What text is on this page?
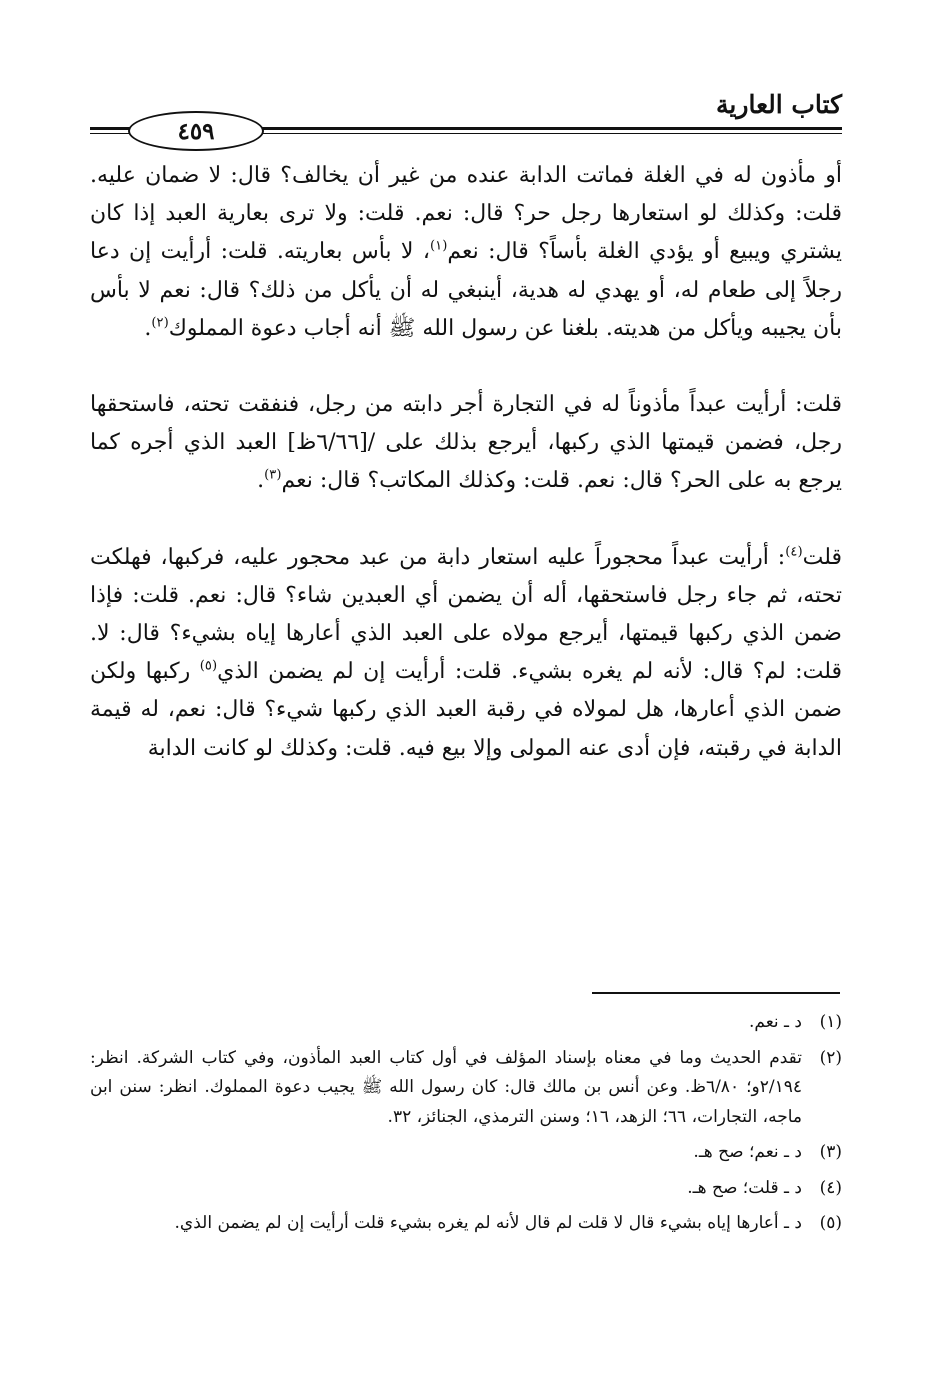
كتاب العارية
٤٥٩

أو مأذون له في الغلة فماتت الدابة عنده من غير أن يخالف؟ قال: لا ضمان عليه. قلت: وكذلك لو استعارها رجل حر؟ قال: نعم. قلت: ولا ترى بعارية العبد إذا كان يشتري ويبيع أو يؤدي الغلة بأساً؟ قال: نعم$^{(١)}$، لا بأس بعاريته. قلت: أرأيت إن دعا رجلاً إلى طعام له، أو يهدي له هدية، أينبغي له أن يأكل من ذلك؟ قال: نعم لا بأس بأن يجيبه ويأكل من هديته. بلغنا عن رسول الله ﷺ أنه أجاب دعوة المملوك$^{(٢)}$.

قلت: أرأيت عبداً مأذوناً له في التجارة أجر دابته من رجل، فنفقت تحته، فاستحقها رجل، فضمن قيمتها الذي ركبها، أيرجع بذلك على /[٦/٦٦ظ] العبد الذي أجره كما يرجع به على الحر؟ قال: نعم. قلت: وكذلك المكاتب؟ قال: نعم$^{(٣)}$.

قلت$^{(٤)}$: أرأيت عبداً محجوراً عليه استعار دابة من عبد محجور عليه، فركبها، فهلكت تحته، ثم جاء رجل فاستحقها، أله أن يضمن أي العبدين شاء؟ قال: نعم. قلت: فإذا ضمن الذي ركبها قيمتها، أيرجع مولاه على العبد الذي أعارها إياه بشيء؟ قال: لا. قلت: لم؟ قال: لأنه لم يغره بشيء. قلت: أرأيت إن لم يضمن الذي$^{(٥)}$ ركبها ولكن ضمن الذي أعارها، هل لمولاه في رقبة العبد الذي ركبها شيء؟ قال: نعم، له قيمة الدابة في رقبته، فإن أدى عنه المولى وإلا بيع فيه. قلت: وكذلك لو كانت الدابة

(١)
د ـ نعم.
(٢)
تقدم الحديث وما في معناه بإسناد المؤلف في أول كتاب العبد المأذون، وفي كتاب الشركة. انظر: ٢/١٩٤و؛ ٦/٨٠ظ. وعن أنس بن مالك قال: كان رسول الله ﷺ يجيب دعوة المملوك. انظر: سنن ابن ماجه، التجارات، ٦٦؛ الزهد، ١٦؛ وسنن الترمذي، الجنائز، ٣٢.
(٣)
د ـ نعم؛ صح هـ.
(٤)
د ـ قلت؛ صح هـ.
(٥)
د ـ أعارها إياه بشيء قال لا قلت لم قال لأنه لم يغره بشيء قلت أرأيت إن لم يضمن الذي.
